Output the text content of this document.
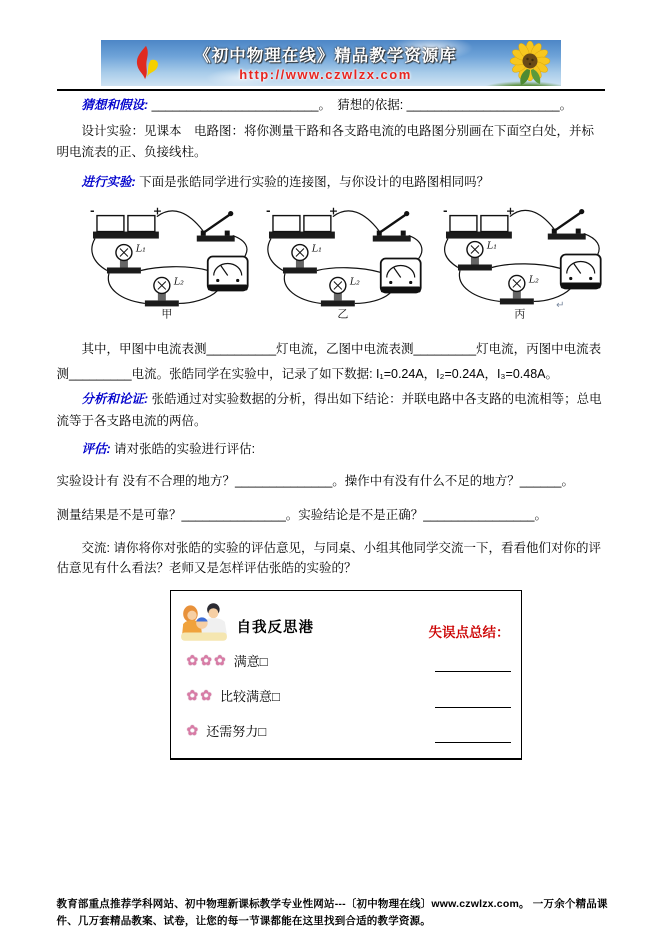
《初中物理在线》精品教学资源库
http://www.czwlzx.com

猜想和假设: ________________________。　猜想的依据: ______________________。

设计实验：见课本　电路图：将你测量干路和各支路电流的电路图分别画在下面空白处，并标明电流表的正、负接线柱。

进行实验: 下面是张皓同学进行实验的连接图，与你设计的电路图相同吗？

-	+
L₁
L₂
甲
-	+
L₁
L₂
乙
-	+
L₁
L₂
丙
↵

其中，甲图中电流表测__________灯电流，乙图中电流表测_________灯电流，丙图中电流表测_________电流。张皓同学在实验中，记录了如下数据: I₁=0.24A，I₂=0.24A，I₃=0.48A。

分析和论证: 张皓通过对实验数据的分析，得出如下结论：并联电路中各支路的电流相等；总电流等于各支路电流的两倍。

评估: 请对张皓的实验进行评估:

实验设计有 没有不合理的地方？______________。操作中有没有什么不足的地方？______。

测量结果是不是可靠？_______________。实验结论是不是正确？________________。

交流: 请你将你对张皓的实验的评估意见，与同桌、小组其他同学交流一下，看看他们对你的评估意见有什么看法？老师又是怎样评估张皓的实验的？

自我反思港	失误点总结：
✿✿✿ 满意□
✿✿ 比较满意□
✿ 还需努力□
教育部重点推荐学科网站、初中物理新课标教学专业性网站---〔初中物理在线〕www.czwlzx.com。 一万余个精品课件、几万套精品教案、试卷，让您的每一节课都能在这里找到合适的教学资源。
